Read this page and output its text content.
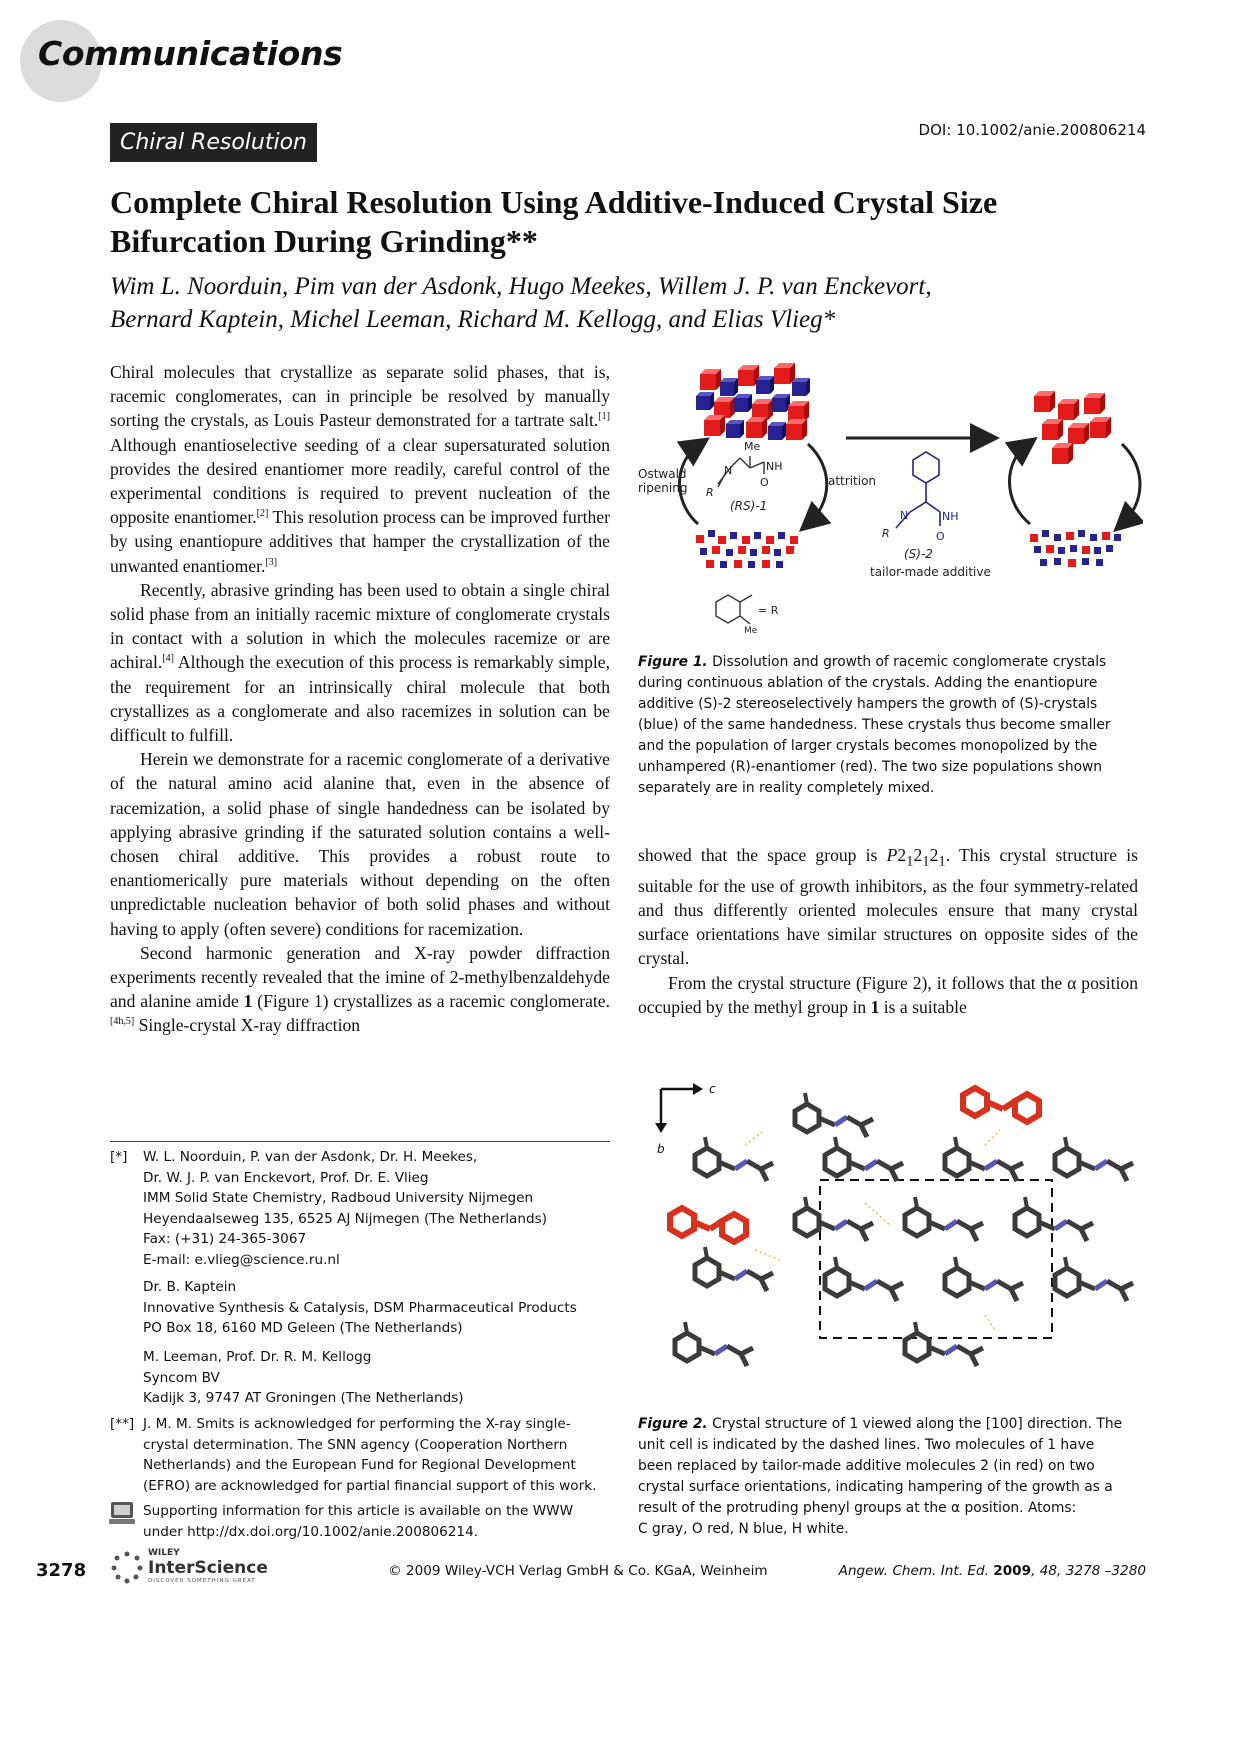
Communications
Chiral Resolution	DOI: 10.1002/anie.200806214
Complete Chiral Resolution Using Additive-Induced Crystal Size Bifurcation During Grinding**
Wim L. Noorduin, Pim van der Asdonk, Hugo Meekes, Willem J. P. van Enckevort,
Bernard Kaptein, Michel Leeman, Richard M. Kellogg, and Elias Vlieg*

Chiral molecules that crystallize as separate solid phases, that is, racemic conglomerates, can in principle be resolved by manually sorting the crystals, as Louis Pasteur demonstrated for a tartrate salt.[1] Although enantioselective seeding of a clear supersaturated solution provides the desired enantiomer more readily, careful control of the experimental conditions is required to prevent nucleation of the opposite enantiomer.[2] This resolution process can be improved further by using enantiopure additives that hamper the crystallization of the unwanted enantiomer.[3]

Recently, abrasive grinding has been used to obtain a single chiral solid phase from an initially racemic mixture of conglomerate crystals in contact with a solution in which the molecules racemize or are achiral.[4] Although the execution of this process is remarkably simple, the requirement for an intrinsically chiral molecule that both crystallizes as a conglomerate and also racemizes in solution can be difficult to fulfill.

Herein we demonstrate for a racemic conglomerate of a derivative of the natural amino acid alanine that, even in the absence of racemization, a solid phase of single handedness can be isolated by applying abrasive grinding if the saturated solution contains a well-chosen chiral additive. This provides a robust route to enantiomerically pure materials without depending on the often unpredictable nucleation behavior of both solid phases and without having to apply (often severe) conditions for racemization.

Second harmonic generation and X-ray powder diffraction experiments recently revealed that the imine of 2-methylbenzaldehyde and alanine amide 1 (Figure 1) crystallizes as a racemic conglomerate.[4h,5] Single-crystal X-ray diffraction

showed that the space group is $P2_12_12_1$. This crystal structure is suitable for the use of growth inhibitors, as the four symmetry-related and thus differently oriented molecules ensure that many crystal surface orientations have similar structures on opposite sides of the crystal.

From the crystal structure (Figure 2), it follows that the α position occupied by the methyl group in 1 is a suitable

[*] W. L. Noorduin, P. van der Asdonk, Dr. H. Meekes,
Dr. W. J. P. van Enckevort, Prof. Dr. E. Vlieg
IMM Solid State Chemistry, Radboud University Nijmegen
Heyendaalseweg 135, 6525 AJ Nijmegen (The Netherlands)
Fax: (+31) 24-365-3067
E-mail: e.vlieg@science.ru.nl
Dr. B. Kaptein
Innovative Synthesis & Catalysis, DSM Pharmaceutical Products
PO Box 18, 6160 MD Geleen (The Netherlands)
M. Leeman, Prof. Dr. R. M. Kellogg
Syncom BV
Kadijk 3, 9747 AT Groningen (The Netherlands)
[**] J. M. M. Smits is acknowledged for performing the X-ray single-
crystal determination. The SNN agency (Cooperation Northern
Netherlands) and the European Fund for Regional Development
(EFRO) are acknowledged for partial financial support of this work.
Supporting information for this article is available on the WWW
under http://dx.doi.org/10.1002/anie.200806214.
Ostwald
ripening
Me
N	NH
O
R
(RS)-1
attrition
NH
O
N
R
(S)-2
tailor-made additive
= R
Me
Figure 1. Dissolution and growth of racemic conglomerate crystals
during continuous ablation of the crystals. Adding the enantiopure
additive (S)-2 stereoselectively hampers the growth of (S)-crystals
(blue) of the same handedness. These crystals thus become smaller
and the population of larger crystals becomes monopolized by the
unhampered (R)-enantiomer (red). The two size populations shown
separately are in reality completely mixed.
c
b
Figure 2. Crystal structure of 1 viewed along the [100] direction. The
unit cell is indicated by the dashed lines. Two molecules of 1 have
been replaced by tailor-made additive molecules 2 (in red) on two
crystal surface orientations, indicating hampering of the growth as a
result of the protruding phenyl groups at the α position. Atoms:
C gray, O red, N blue, H white.
3278
WILEY
InterScience
DISCOVER SOMETHING GREAT
© 2009 Wiley-VCH Verlag GmbH & Co. KGaA, Weinheim	Angew. Chem. Int. Ed. 2009, 48, 3278 –3280
